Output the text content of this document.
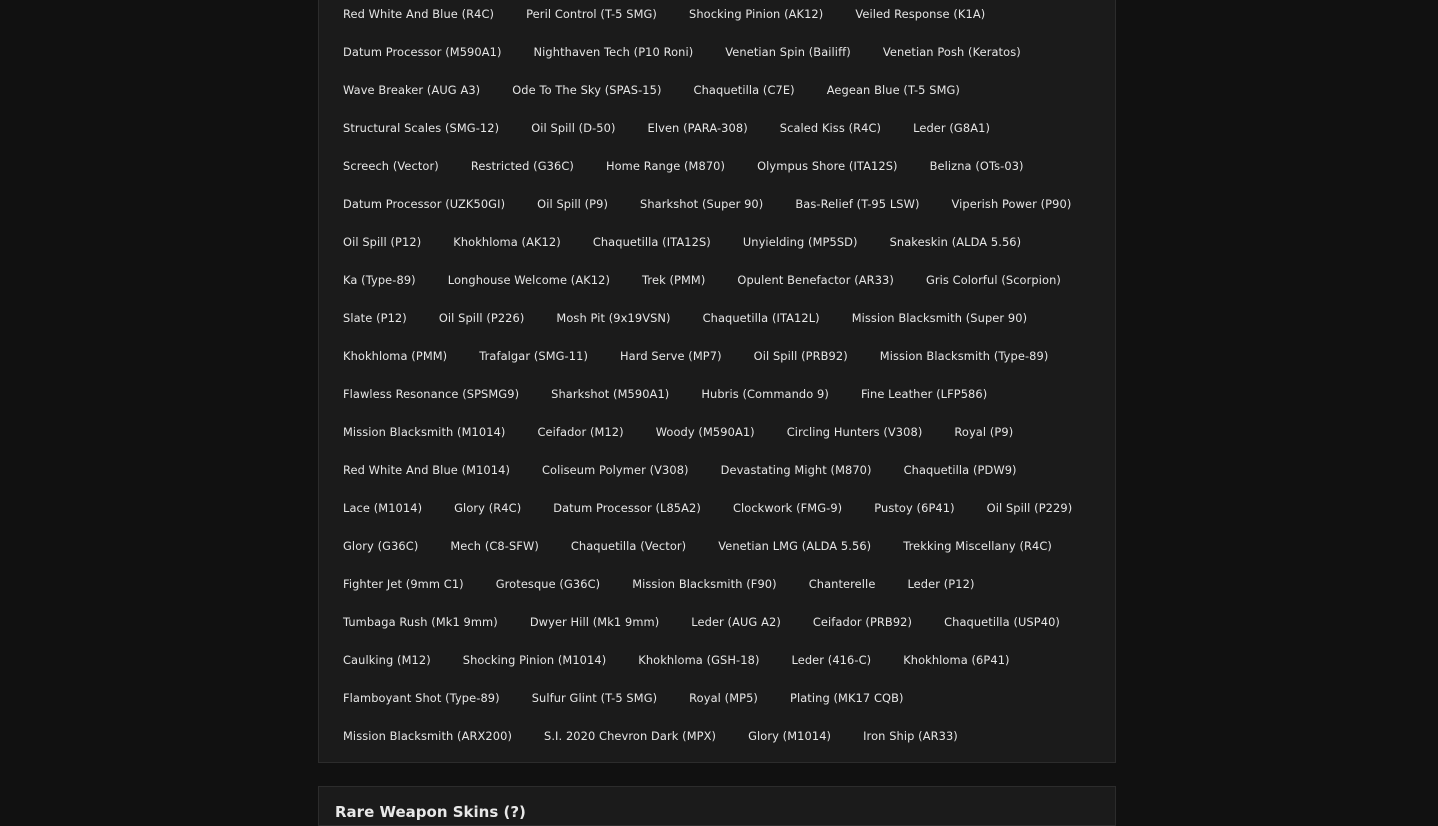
Red White And Blue (R4C)	Peril Control (T-5 SMG)	Shocking Pinion (AK12)	Veiled Response (K1A)
Datum Processor (M590A1)	Nighthaven Tech (P10 Roni)	Venetian Spin (Bailiff)	Venetian Posh (Keratos)
Wave Breaker (AUG A3)	Ode To The Sky (SPAS-15)	Chaquetilla (C7E)	Aegean Blue (T-5 SMG)
Structural Scales (SMG-12)	Oil Spill (D-50)	Elven (PARA-308)	Scaled Kiss (R4C)	Leder (G8A1)
Screech (Vector)	Restricted (G36C)	Home Range (M870)	Olympus Shore (ITA12S)	Belizna (OTs-03)
Datum Processor (UZK50GI)	Oil Spill (P9)	Sharkshot (Super 90)	Bas-Relief (T-95 LSW)	Viperish Power (P90)
Oil Spill (P12)	Khokhloma (AK12)	Chaquetilla (ITA12S)	Unyielding (MP5SD)	Snakeskin (ALDA 5.56)
Ka (Type-89)	Longhouse Welcome (AK12)	Trek (PMM)	Opulent Benefactor (AR33)	Gris Colorful (Scorpion)
Slate (P12)	Oil Spill (P226)	Mosh Pit (9x19VSN)	Chaquetilla (ITA12L)	Mission Blacksmith (Super 90)
Khokhloma (PMM)	Trafalgar (SMG-11)	Hard Serve (MP7)	Oil Spill (PRB92)	Mission Blacksmith (Type-89)
Flawless Resonance (SPSMG9)	Sharkshot (M590A1)	Hubris (Commando 9)	Fine Leather (LFP586)
Mission Blacksmith (M1014)	Ceifador (M12)	Woody (M590A1)	Circling Hunters (V308)	Royal (P9)
Red White And Blue (M1014)	Coliseum Polymer (V308)	Devastating Might (M870)	Chaquetilla (PDW9)
Lace (M1014)	Glory (R4C)	Datum Processor (L85A2)	Clockwork (FMG-9)	Pustoy (6P41)	Oil Spill (P229)
Glory (G36C)	Mech (C8-SFW)	Chaquetilla (Vector)	Venetian LMG (ALDA 5.56)	Trekking Miscellany (R4C)
Fighter Jet (9mm C1)	Grotesque (G36C)	Mission Blacksmith (F90)	Chanterelle	Leder (P12)
Tumbaga Rush (Mk1 9mm)	Dwyer Hill (Mk1 9mm)	Leder (AUG A2)	Ceifador (PRB92)	Chaquetilla (USP40)
Caulking (M12)	Shocking Pinion (M1014)	Khokhloma (GSH-18)	Leder (416-C)	Khokhloma (6P41)
Flamboyant Shot (Type-89)	Sulfur Glint (T-5 SMG)	Royal (MP5)	Plating (MK17 CQB)
Mission Blacksmith (ARX200)	S.I. 2020 Chevron Dark (MPX)	Glory (M1014)	Iron Ship (AR33)
Rare Weapon Skins (?)
